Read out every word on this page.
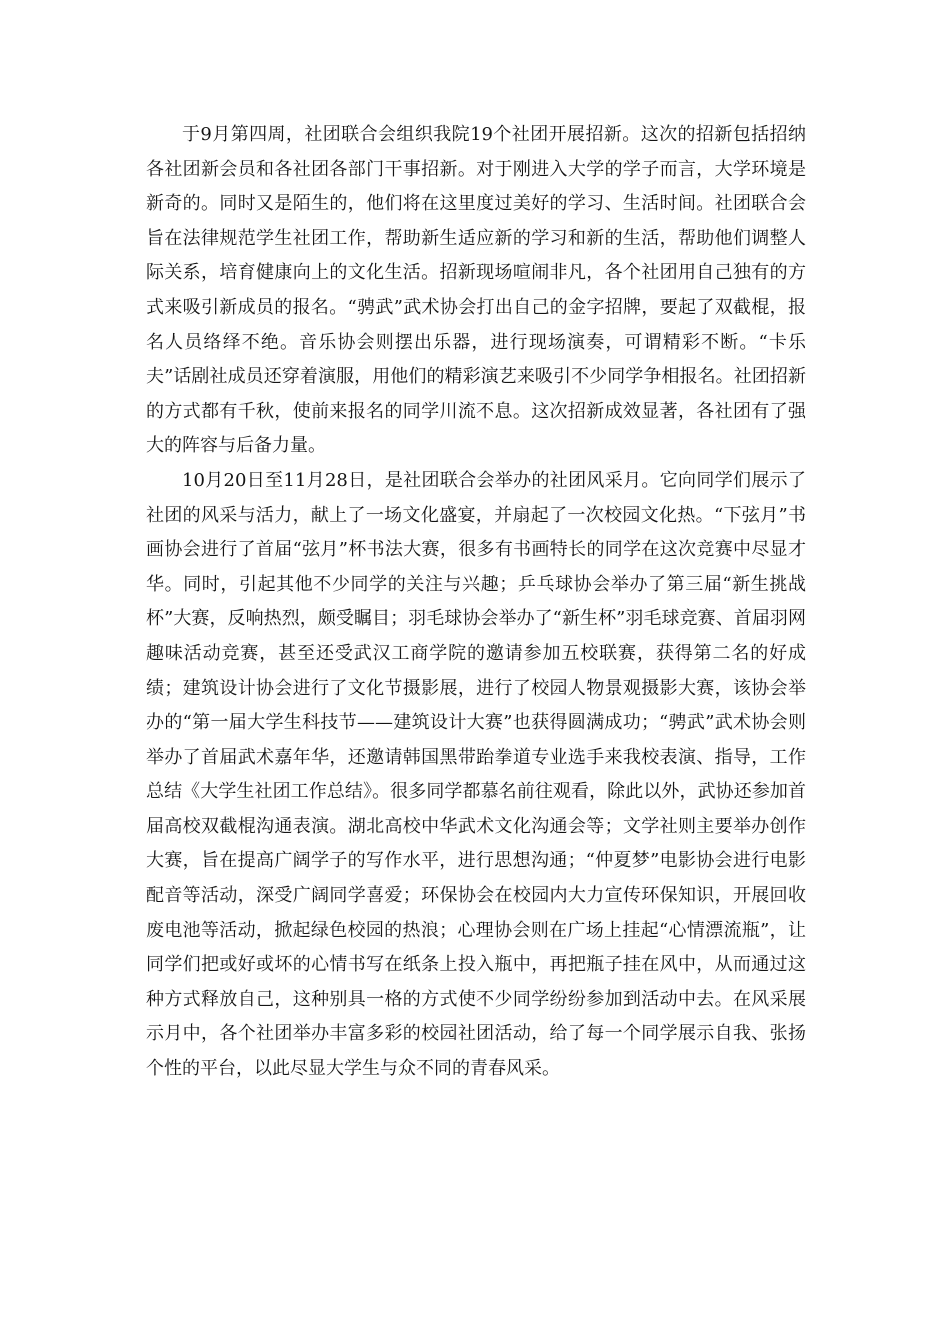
于9月第四周，社团联合会组织我院19个社团开展招新。这次的招新包括招纳各社团新会员和各社团各部门干事招新。对于刚进入大学的学子而言，大学环境是新奇的。同时又是陌生的，他们将在这里度过美好的学习、生活时间。社团联合会旨在法律规范学生社团工作，帮助新生适应新的学习和新的生活，帮助他们调整人际关系，培育健康向上的文化生活。招新现场喧闹非凡，各个社团用自己独有的方式来吸引新成员的报名。“骋武”武术协会打出自己的金字招牌，要起了双截棍，报名人员络绎不绝。音乐协会则摆出乐器，进行现场演奏，可谓精彩不断。“卡乐夫”话剧社成员还穿着演服，用他们的精彩演艺来吸引不少同学争相报名。社团招新的方式都有千秋，使前来报名的同学川流不息。这次招新成效显著，各社团有了强大的阵容与后备力量。

10月20日至11月28日，是社团联合会举办的社团风采月。它向同学们展示了社团的风采与活力，献上了一场文化盛宴，并扇起了一次校园文化热。“下弦月”书画协会进行了首届“弦月”杯书法大赛，很多有书画特长的同学在这次竞赛中尽显才华。同时，引起其他不少同学的关注与兴趣；乒乓球协会举办了第三届“新生挑战杯”大赛，反响热烈，颇受瞩目；羽毛球协会举办了“新生杯”羽毛球竞赛、首届羽网趣味活动竞赛，甚至还受武汉工商学院的邀请参加五校联赛，获得第二名的好成绩；建筑设计协会进行了文化节摄影展，进行了校园人物景观摄影大赛，该协会举办的“第一届大学生科技节——建筑设计大赛”也获得圆满成功；“骋武”武术协会则举办了首届武术嘉年华，还邀请韩国黑带跆拳道专业选手来我校表演、指导，工作总结《大学生社团工作总结》。很多同学都慕名前往观看，除此以外，武协还参加首届高校双截棍沟通表演。湖北高校中华武术文化沟通会等；文学社则主要举办创作大赛，旨在提高广阔学子的写作水平，进行思想沟通；“仲夏梦”电影协会进行电影配音等活动，深受广阔同学喜爱；环保协会在校园内大力宣传环保知识，开展回收废电池等活动，掀起绿色校园的热浪；心理协会则在广场上挂起“心情漂流瓶”，让同学们把或好或坏的心情书写在纸条上投入瓶中，再把瓶子挂在风中，从而通过这种方式释放自己，这种别具一格的方式使不少同学纷纷参加到活动中去。在风采展示月中，各个社团举办丰富多彩的校园社团活动，给了每一个同学展示自我、张扬个性的平台，以此尽显大学生与众不同的青春风采。
